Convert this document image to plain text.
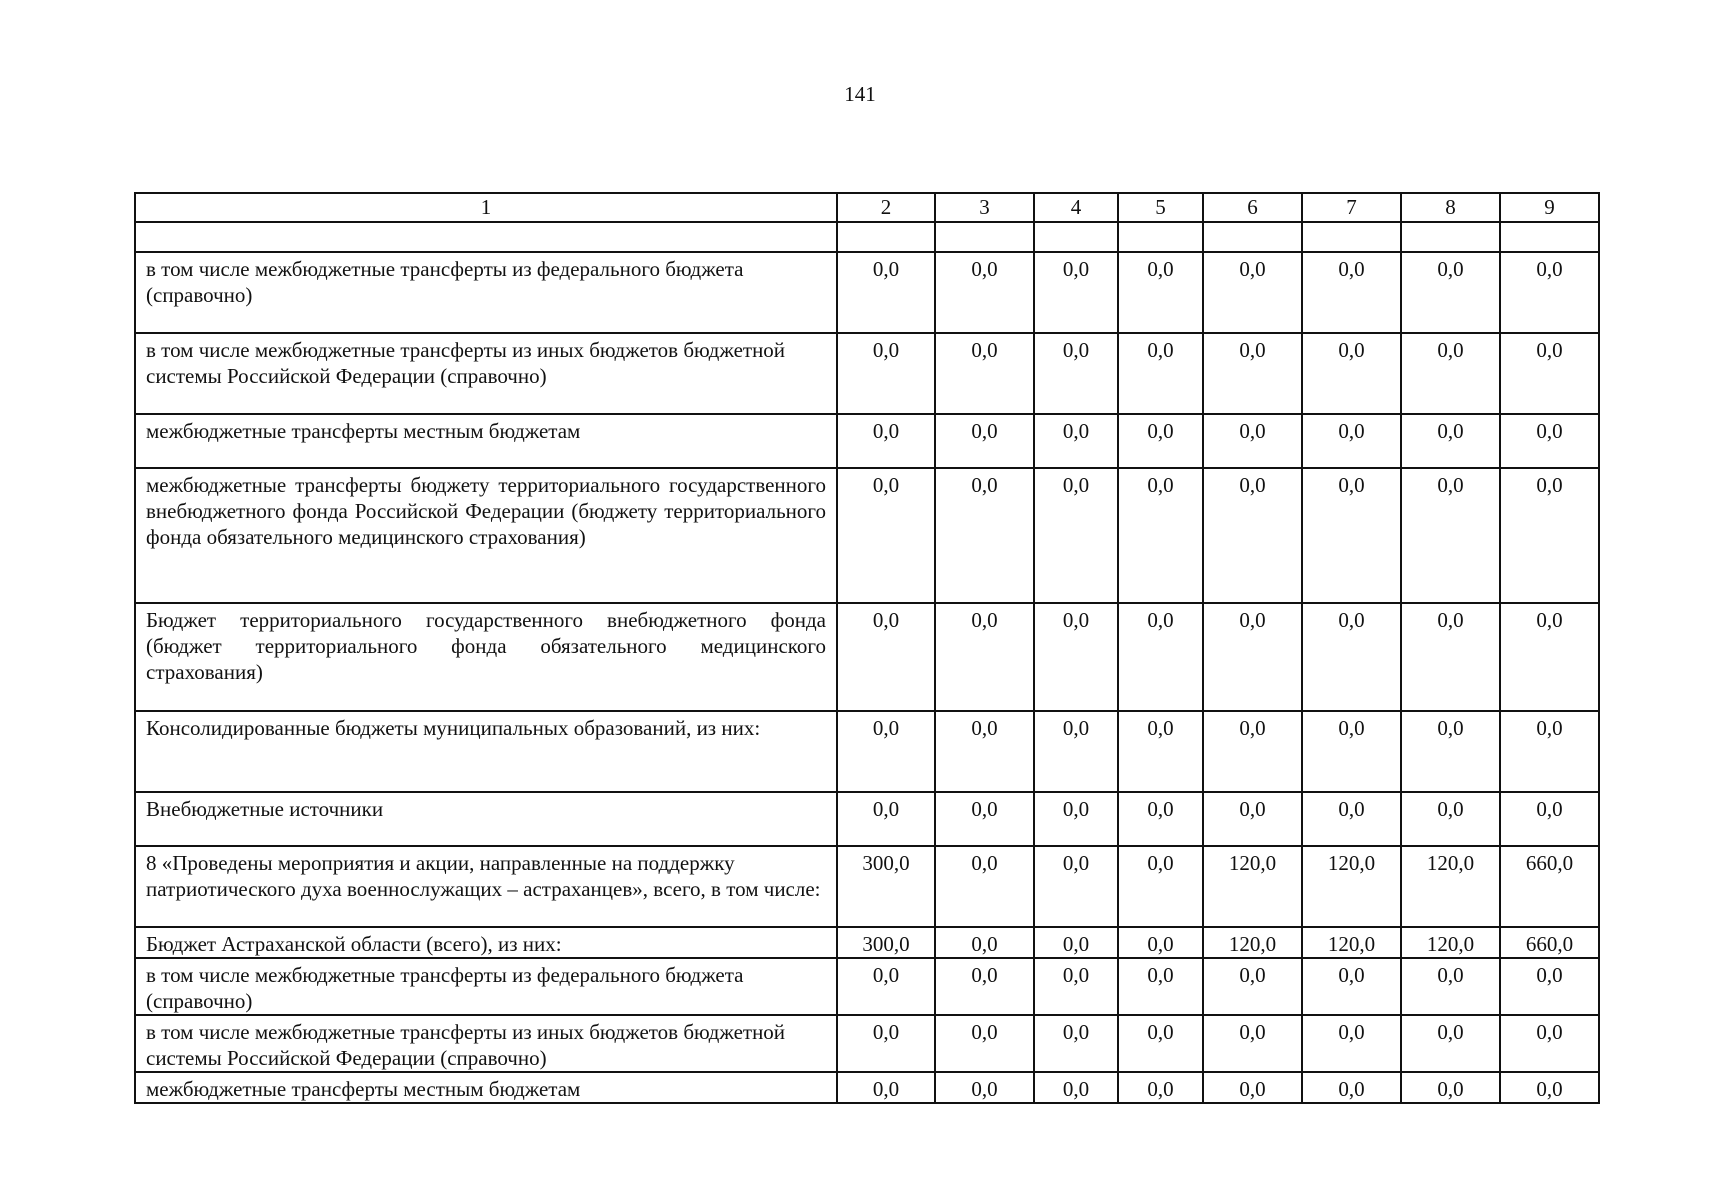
141
1	2	3	4	5	6	7	8	9

в том числе межбюджетные трансферты из федерального бюджета (справочно)	0,0	0,0	0,0	0,0	0,0	0,0	0,0	0,0
в том числе межбюджетные трансферты из иных бюджетов бюджетной системы Российской Федерации (справочно)	0,0	0,0	0,0	0,0	0,0	0,0	0,0	0,0
межбюджетные трансферты местным бюджетам	0,0	0,0	0,0	0,0	0,0	0,0	0,0	0,0
межбюджетные трансферты бюджету территориального государственного внебюджетного фонда Российской Федерации (бюджету территориального фонда обязательного медицинского страхования)	0,0	0,0	0,0	0,0	0,0	0,0	0,0	0,0
Бюджет территориального государственного внебюджетного фонда (бюджет территориального фонда обязательного медицинского страхования)	0,0	0,0	0,0	0,0	0,0	0,0	0,0	0,0
Консолидированные бюджеты муниципальных образований, из них:	0,0	0,0	0,0	0,0	0,0	0,0	0,0	0,0
Внебюджетные источники	0,0	0,0	0,0	0,0	0,0	0,0	0,0	0,0
8 «Проведены мероприятия и акции, направленные на поддержку патриотического духа военнослужащих – астраханцев», всего, в том числе:	300,0	0,0	0,0	0,0	120,0	120,0	120,0	660,0
Бюджет Астраханской области (всего), из них:	300,0	0,0	0,0	0,0	120,0	120,0	120,0	660,0
в том числе межбюджетные трансферты из федерального бюджета (справочно)	0,0	0,0	0,0	0,0	0,0	0,0	0,0	0,0
в том числе межбюджетные трансферты из иных бюджетов бюджетной системы Российской Федерации (справочно)	0,0	0,0	0,0	0,0	0,0	0,0	0,0	0,0
межбюджетные трансферты местным бюджетам	0,0	0,0	0,0	0,0	0,0	0,0	0,0	0,0
